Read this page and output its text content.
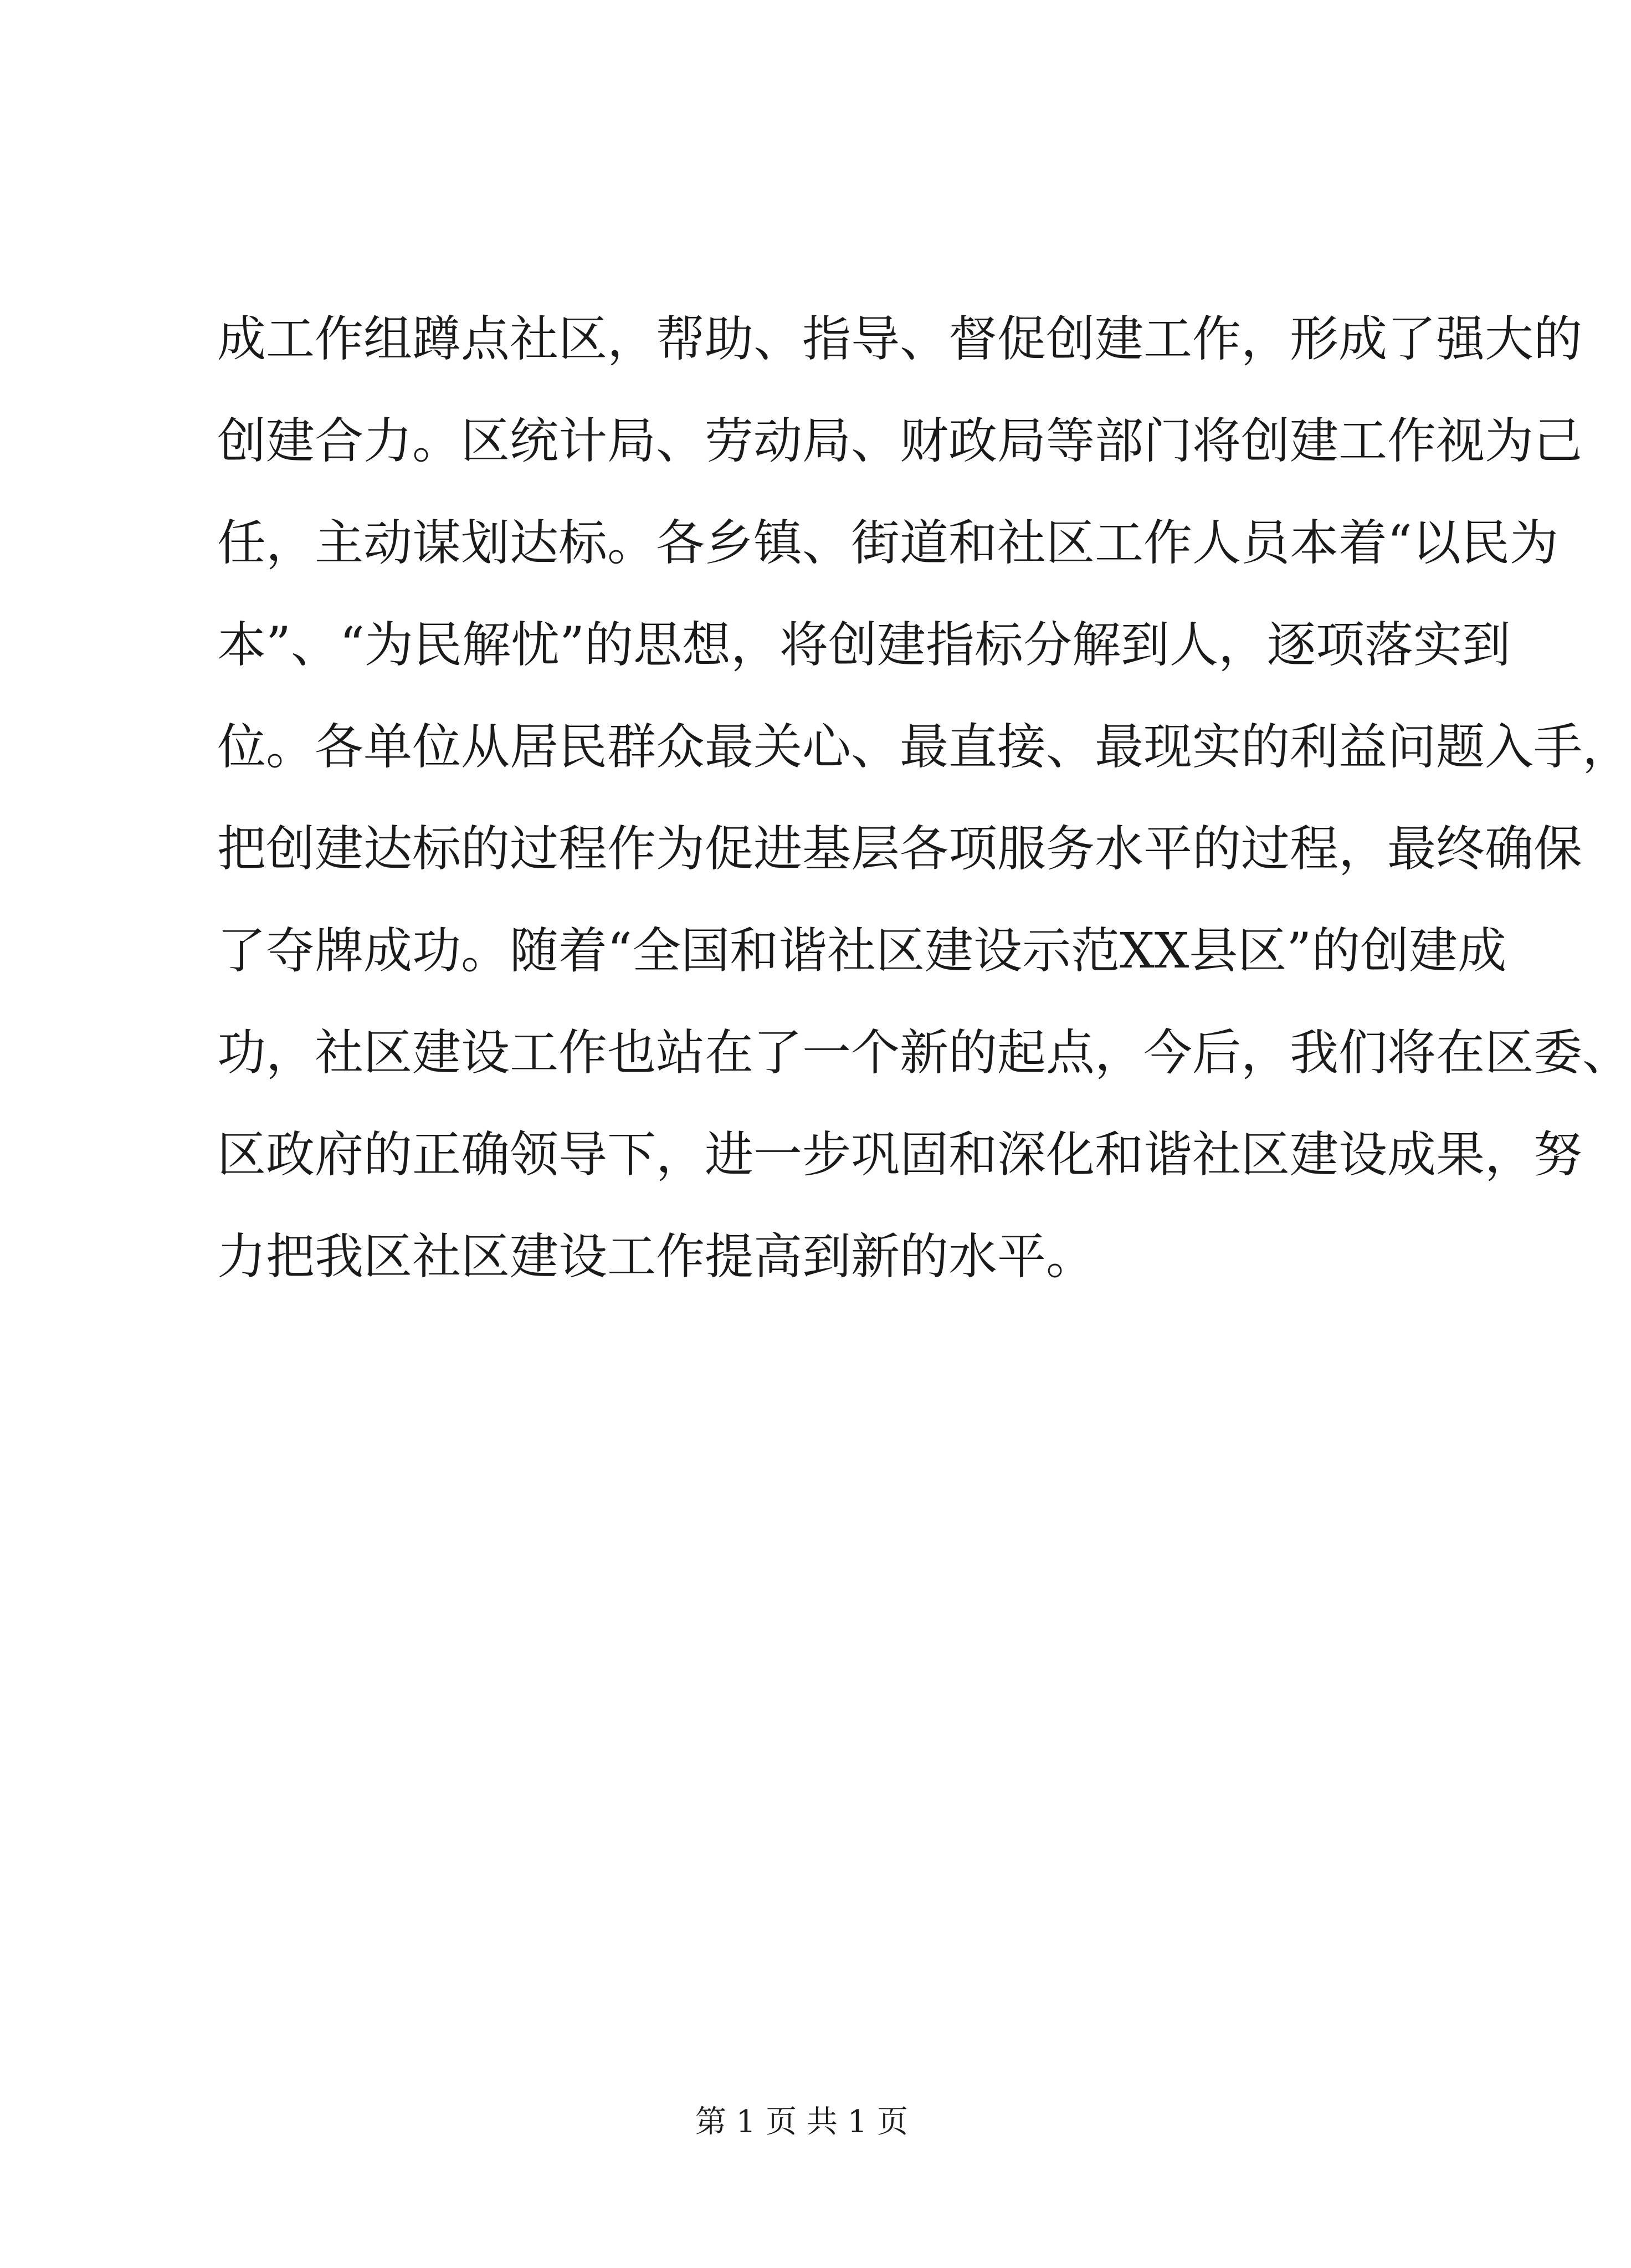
成工作组蹲点社区，帮助、指导、督促创建工作，形成了强大的
创建合力。区统计局、劳动局、财政局等部门将创建工作视为己
任，主动谋划达标。各乡镇、街道和社区工作人员本着“以民为
本”、“为民解忧”的思想，将创建指标分解到人，逐项落实到
位。各单位从居民群众最关心、最直接、最现实的利益问题入手，
把创建达标的过程作为促进基层各项服务水平的过程，最终确保
了夺牌成功。随着“全国和谐社区建设示范XX县区”的创建成
功，社区建设工作也站在了一个新的起点，今后，我们将在区委、
区政府的正确领导下，进一步巩固和深化和谐社区建设成果，努
力把我区社区建设工作提高到新的水平。
第 1 页 共 1 页
